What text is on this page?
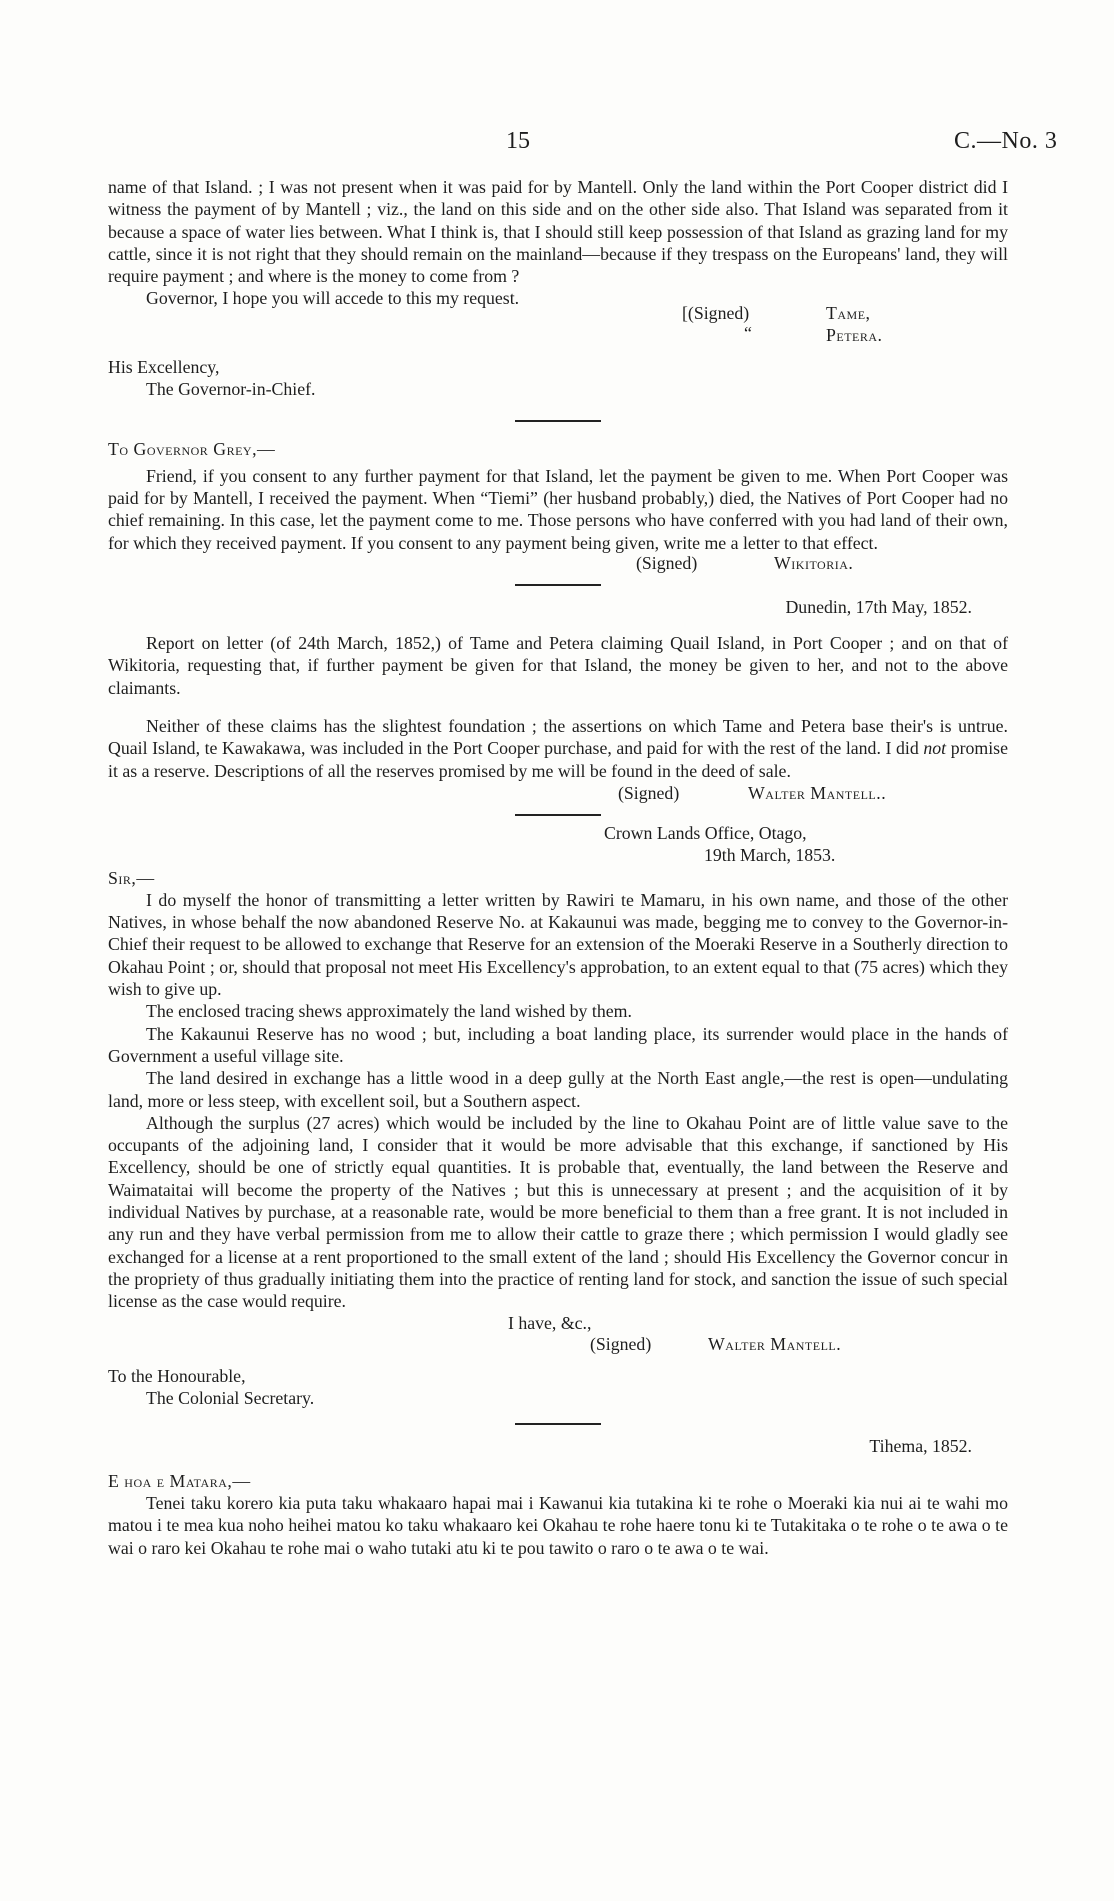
15	C.—No. 3

name of that Island. ; I was not present when it was paid for by Mantell. Only the land within the Port Cooper district did I witness the payment of by Mantell ; viz., the land on this side and on the other side also. That Island was separated from it because a space of water lies between. What I think is, that I should still keep possession of that Island as grazing land for my cattle, since it is not right that they should remain on the mainland—because if they trespass on the Europeans' land, they will require payment ; and where is the money to come from ?

Governor, I hope you will accede to this my request.

[(Signed)	Tame,
“	Petera.

His Excellency,

The Governor-in-Chief.

To Governor Grey,—

Friend, if you consent to any further payment for that Island, let the payment be given to me. When Port Cooper was paid for by Mantell, I received the payment. When “Tiemi” (her husband probably,) died, the Natives of Port Cooper had no chief remaining. In this case, let the payment come to me. Those persons who have conferred with you had land of their own, for which they received payment. If you consent to any payment being given, write me a letter to that effect.

(Signed)	Wikitoria.

Dunedin, 17th May, 1852.

Report on letter (of 24th March, 1852,) of Tame and Petera claiming Quail Island, in Port Cooper ; and on that of Wikitoria, requesting that, if further payment be given for that Island, the money be given to her, and not to the above claimants.

Neither of these claims has the slightest foundation ; the assertions on which Tame and Petera base their's is untrue. Quail Island, te Kawakawa, was included in the Port Cooper purchase, and paid for with the rest of the land. I did not promise it as a reserve. Descriptions of all the reserves promised by me will be found in the deed of sale.

(Signed)	Walter Mantell..

Crown Lands Office, Otago,

19th March, 1853.

Sir,—

I do myself the honor of transmitting a letter written by Rawiri te Mamaru, in his own name, and those of the other Natives, in whose behalf the now abandoned Reserve No. at Kakaunui was made, begging me to convey to the Governor-in-Chief their request to be allowed to exchange that Reserve for an extension of the Moeraki Reserve in a Southerly direction to Okahau Point ; or, should that proposal not meet His Excellency's approbation, to an extent equal to that (75 acres) which they wish to give up.

The enclosed tracing shews approximately the land wished by them.

The Kakaunui Reserve has no wood ; but, including a boat landing place, its surrender would place in the hands of Government a useful village site.

The land desired in exchange has a little wood in a deep gully at the North East angle,—the rest is open—undulating land, more or less steep, with excellent soil, but a Southern aspect.

Although the surplus (27 acres) which would be included by the line to Okahau Point are of little value save to the occupants of the adjoining land, I consider that it would be more advisable that this exchange, if sanctioned by His Excellency, should be one of strictly equal quantities. It is probable that, eventually, the land between the Reserve and Waimataitai will become the property of the Natives ; but this is unnecessary at present ; and the acquisition of it by individual Natives by purchase, at a reasonable rate, would be more beneficial to them than a free grant. It is not included in any run and they have verbal permission from me to allow their cattle to graze there ; which permission I would gladly see exchanged for a license at a rent proportioned to the small extent of the land ; should His Excellency the Governor concur in the propriety of thus gradually initiating them into the practice of renting land for stock, and sanction the issue of such special license as the case would require.

I have, &c.,

(Signed)	Walter Mantell.

To the Honourable,

The Colonial Secretary.

Tihema, 1852.

E hoa e Matara,—

Tenei taku korero kia puta taku whakaaro hapai mai i Kawanui kia tutakina ki te rohe o Moeraki kia nui ai te wahi mo matou i te mea kua noho heihei matou ko taku whakaaro kei Okahau te rohe haere tonu ki te Tutakitaka o te rohe o te awa o te wai o raro kei Okahau te rohe mai o waho tutaki atu ki te pou tawito o raro o te awa o te wai.
